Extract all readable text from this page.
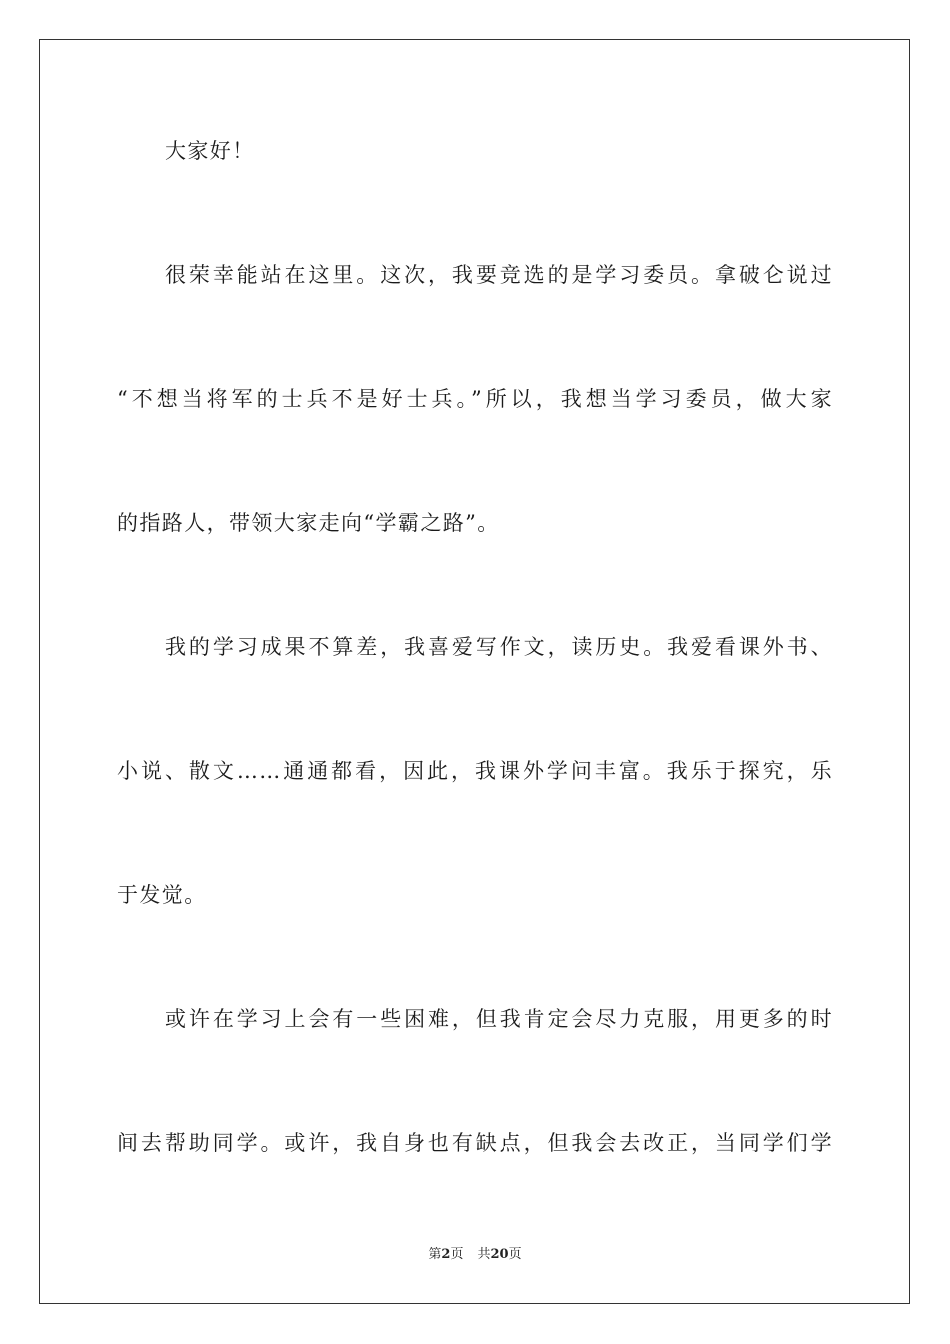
大家好！
很荣幸能站在这里。这次，我要竞选的是学习委员。拿破仑说过
“不想当将军的士兵不是好士兵。”所以，我想当学习委员，做大家
的指路人，带领大家走向“学霸之路”。
我的学习成果不算差，我喜爱写作文，读历史。我爱看课外书、
小说、散文……通通都看，因此，我课外学问丰富。我乐于探究，乐
于发觉。
或许在学习上会有一些困难，但我肯定会尽力克服，用更多的时
间去帮助同学。或许，我自身也有缺点，但我会去改正，当同学们学
第2页 共20页
